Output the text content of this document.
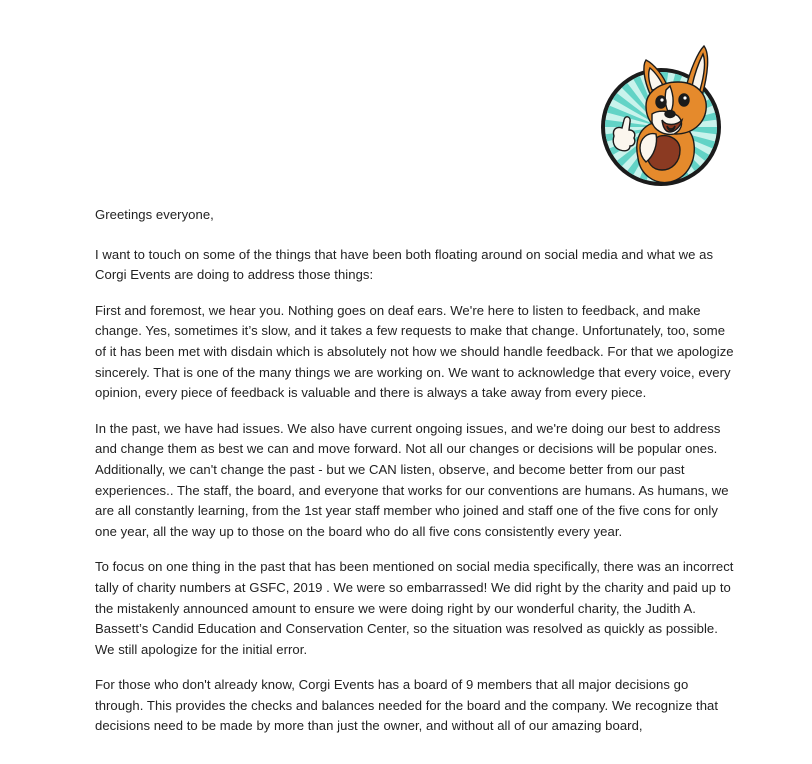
Greetings everyone,

I want to touch on some of the things that have been both floating around on social media and what we as Corgi Events are doing to address those things:

First and foremost, we hear you. Nothing goes on deaf ears. We're here to listen to feedback, and make change. Yes, sometimes it’s slow, and it takes a few requests to make that change. Unfortunately, too, some of it has been met with disdain which is absolutely not how we should handle feedback. For that we apologize sincerely. That is one of the many things we are working on. We want to acknowledge that every voice, every opinion, every piece of feedback is valuable and there is always a take away from every piece.

In the past, we have had issues. We also have current ongoing issues, and we're doing our best to address and change them as best we can and move forward. Not all our changes or decisions will be popular ones. Additionally, we can't change the past - but we CAN listen, observe, and become better from our past experiences.. The staff, the board, and everyone that works for our conventions are humans. As humans, we are all constantly learning, from the 1st year staff member who joined and staff one of the five cons for only one year, all the way up to those on the board who do all five cons consistently every year.

To focus on one thing in the past that has been mentioned on social media specifically, there was an incorrect tally of charity numbers at GSFC, 2019 . We were so embarrassed! We did right by the charity and paid up to the mistakenly announced amount to ensure we were doing right by our wonderful charity, the Judith A. Bassett’s Candid Education and Conservation Center, so the situation was resolved as quickly as possible. We still apologize for the initial error.

For those who don't already know, Corgi Events has a board of 9 members that all major decisions go through. This provides the checks and balances needed for the board and the company. We recognize that decisions need to be made by more than just the owner, and without all of our amazing board,
